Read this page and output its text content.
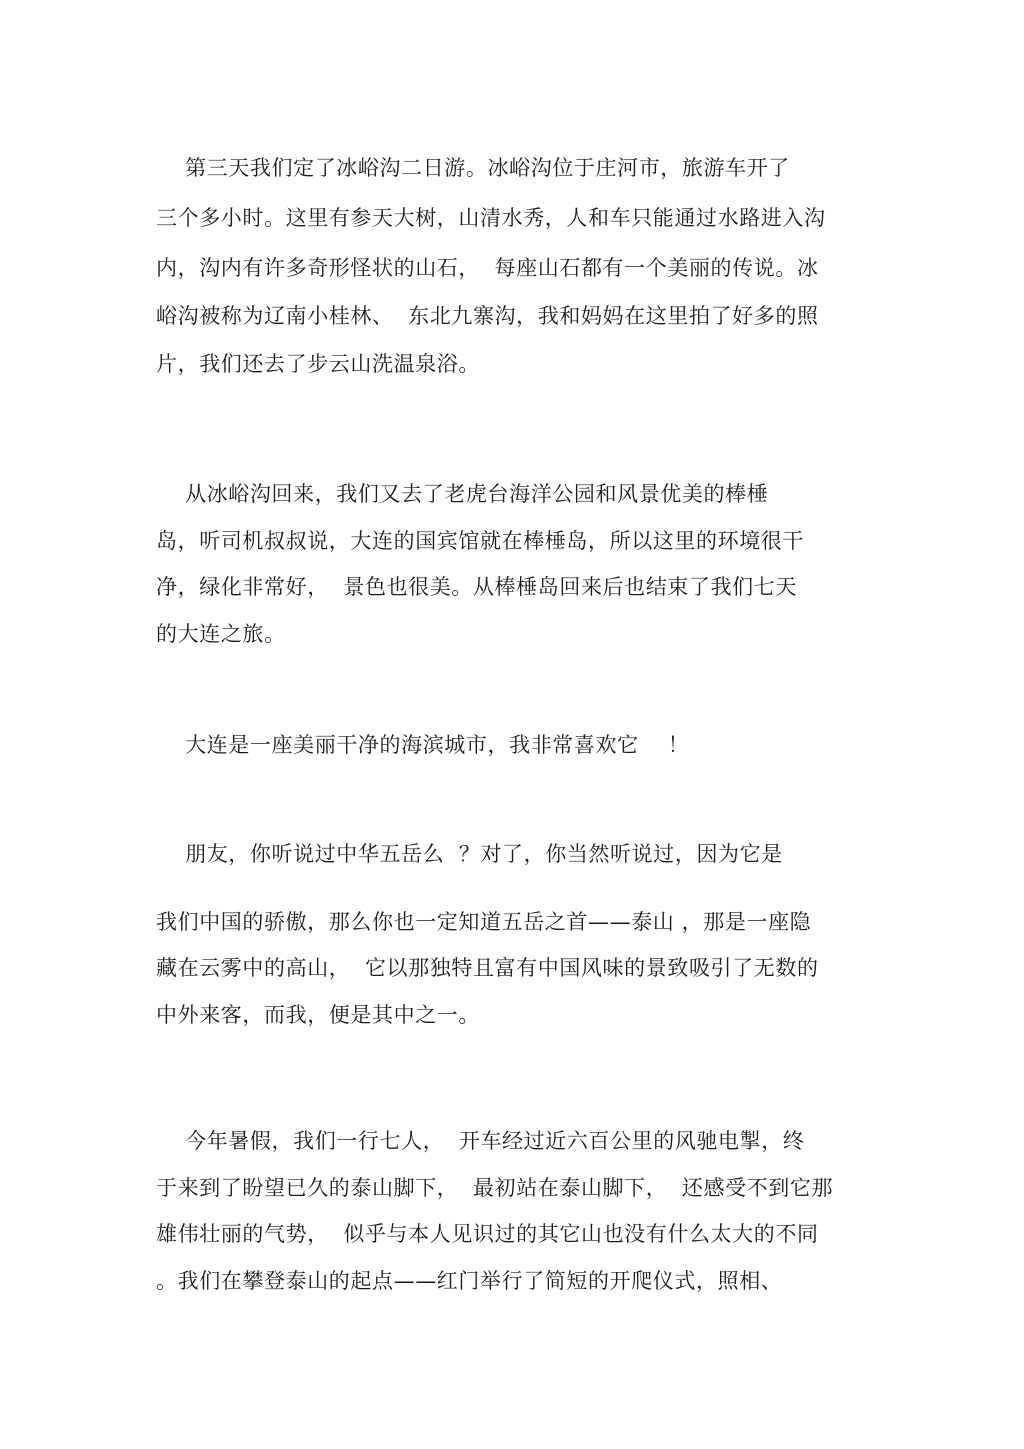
第三天我们定了冰峪沟二日游。冰峪沟位于庄河市，旅游车开了
三个多小时。这里有参天大树，山清水秀，人和车只能通过水路进入沟
内，沟内有许多奇形怪状的山石，  每座山石都有一个美丽的传说。冰
峪沟被称为辽南小桂林、  东北九寨沟，我和妈妈在这里拍了好多的照
片，我们还去了步云山洗温泉浴。
从冰峪沟回来，我们又去了老虎台海洋公园和风景优美的棒棰
岛，听司机叔叔说，大连的国宾馆就在棒棰岛，所以这里的环境很干
净，绿化非常好，  景色也很美。从棒棰岛回来后也结束了我们七天
的大连之旅。
大连是一座美丽干净的海滨城市，我非常喜欢它    ！
朋友，你听说过中华五岳么  ？对了，你当然听说过，因为它是
我们中国的骄傲，那么你也一定知道五岳之首——泰山 ，那是一座隐
藏在云雾中的高山，  它以那独特且富有中国风味的景致吸引了无数的
中外来客，而我，便是其中之一。
今年暑假，我们一行七人，  开车经过近六百公里的风驰电掣，终
于来到了盼望已久的泰山脚下，  最初站在泰山脚下，  还感受不到它那
雄伟壮丽的气势，  似乎与本人见识过的其它山也没有什么太大的不同
。我们在攀登泰山的起点——红门举行了简短的开爬仪式，照相、
